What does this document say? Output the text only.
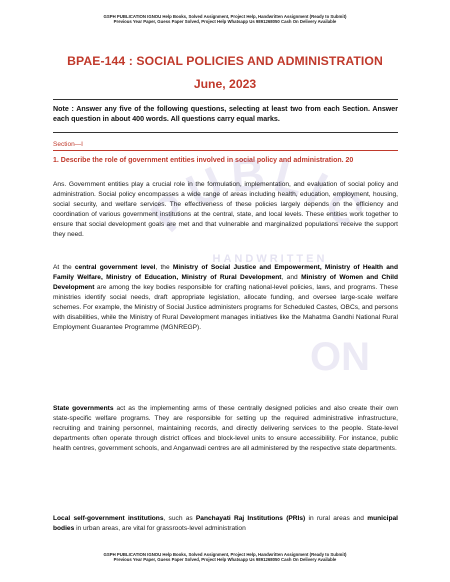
GSPH PUBLICATION IGNOU Help Books, Solved Assignment, Project Help, Handwritten Assignment (Ready to Submit)
Previous Year Paper, Guess Paper Solved, Project Help Whatsapp Us 9891268050 Cash On Delivery Available
BPAE-144 : SOCIAL POLICIES AND ADMINISTRATION
June, 2023
Note : Answer any five of the following questions, selecting at least two from each Section. Answer each question in about 400 words. All questions carry equal marks.
Section—I
1. Describe the role of government entities involved in social policy and administration. 20
PUBLIC
HANDWRITTEN
ON
Ans. Government entities play a crucial role in the formulation, implementation, and evaluation of social policy and administration. Social policy encompasses a wide range of areas including health, education, employment, housing, social security, and welfare services. The effectiveness of these policies largely depends on the efficiency and coordination of various government institutions at the central, state, and local levels. These entities work together to ensure that social development goals are met and that vulnerable and marginalized populations receive the support they need.
At the central government level, the Ministry of Social Justice and Empowerment, Ministry of Health and Family Welfare, Ministry of Education, Ministry of Rural Development, and Ministry of Women and Child Development are among the key bodies responsible for crafting national-level policies, laws, and programs. These ministries identify social needs, draft appropriate legislation, allocate funding, and oversee large-scale welfare schemes. For example, the Ministry of Social Justice administers programs for Scheduled Castes, OBCs, and persons with disabilities, while the Ministry of Rural Development manages initiatives like the Mahatma Gandhi National Rural Employment Guarantee Programme (MGNREGP).
State governments act as the implementing arms of these centrally designed policies and also create their own state-specific welfare programs. They are responsible for setting up the required administrative infrastructure, recruiting and training personnel, maintaining records, and directly delivering services to the people. State-level departments often operate through district offices and block-level units to ensure accessibility. For instance, public health centres, government schools, and Anganwadi centres are all administered by the respective state departments.
Local self-government institutions, such as Panchayati Raj Institutions (PRIs) in rural areas and municipal bodies in urban areas, are vital for grassroots-level administration
GSPH PUBLICATION IGNOU Help Books, Solved Assignment, Project Help, Handwritten Assignment (Ready to Submit)
Previous Year Paper, Guess Paper Solved, Project Help Whatsapp Us 9891268050 Cash On Delivery Available
